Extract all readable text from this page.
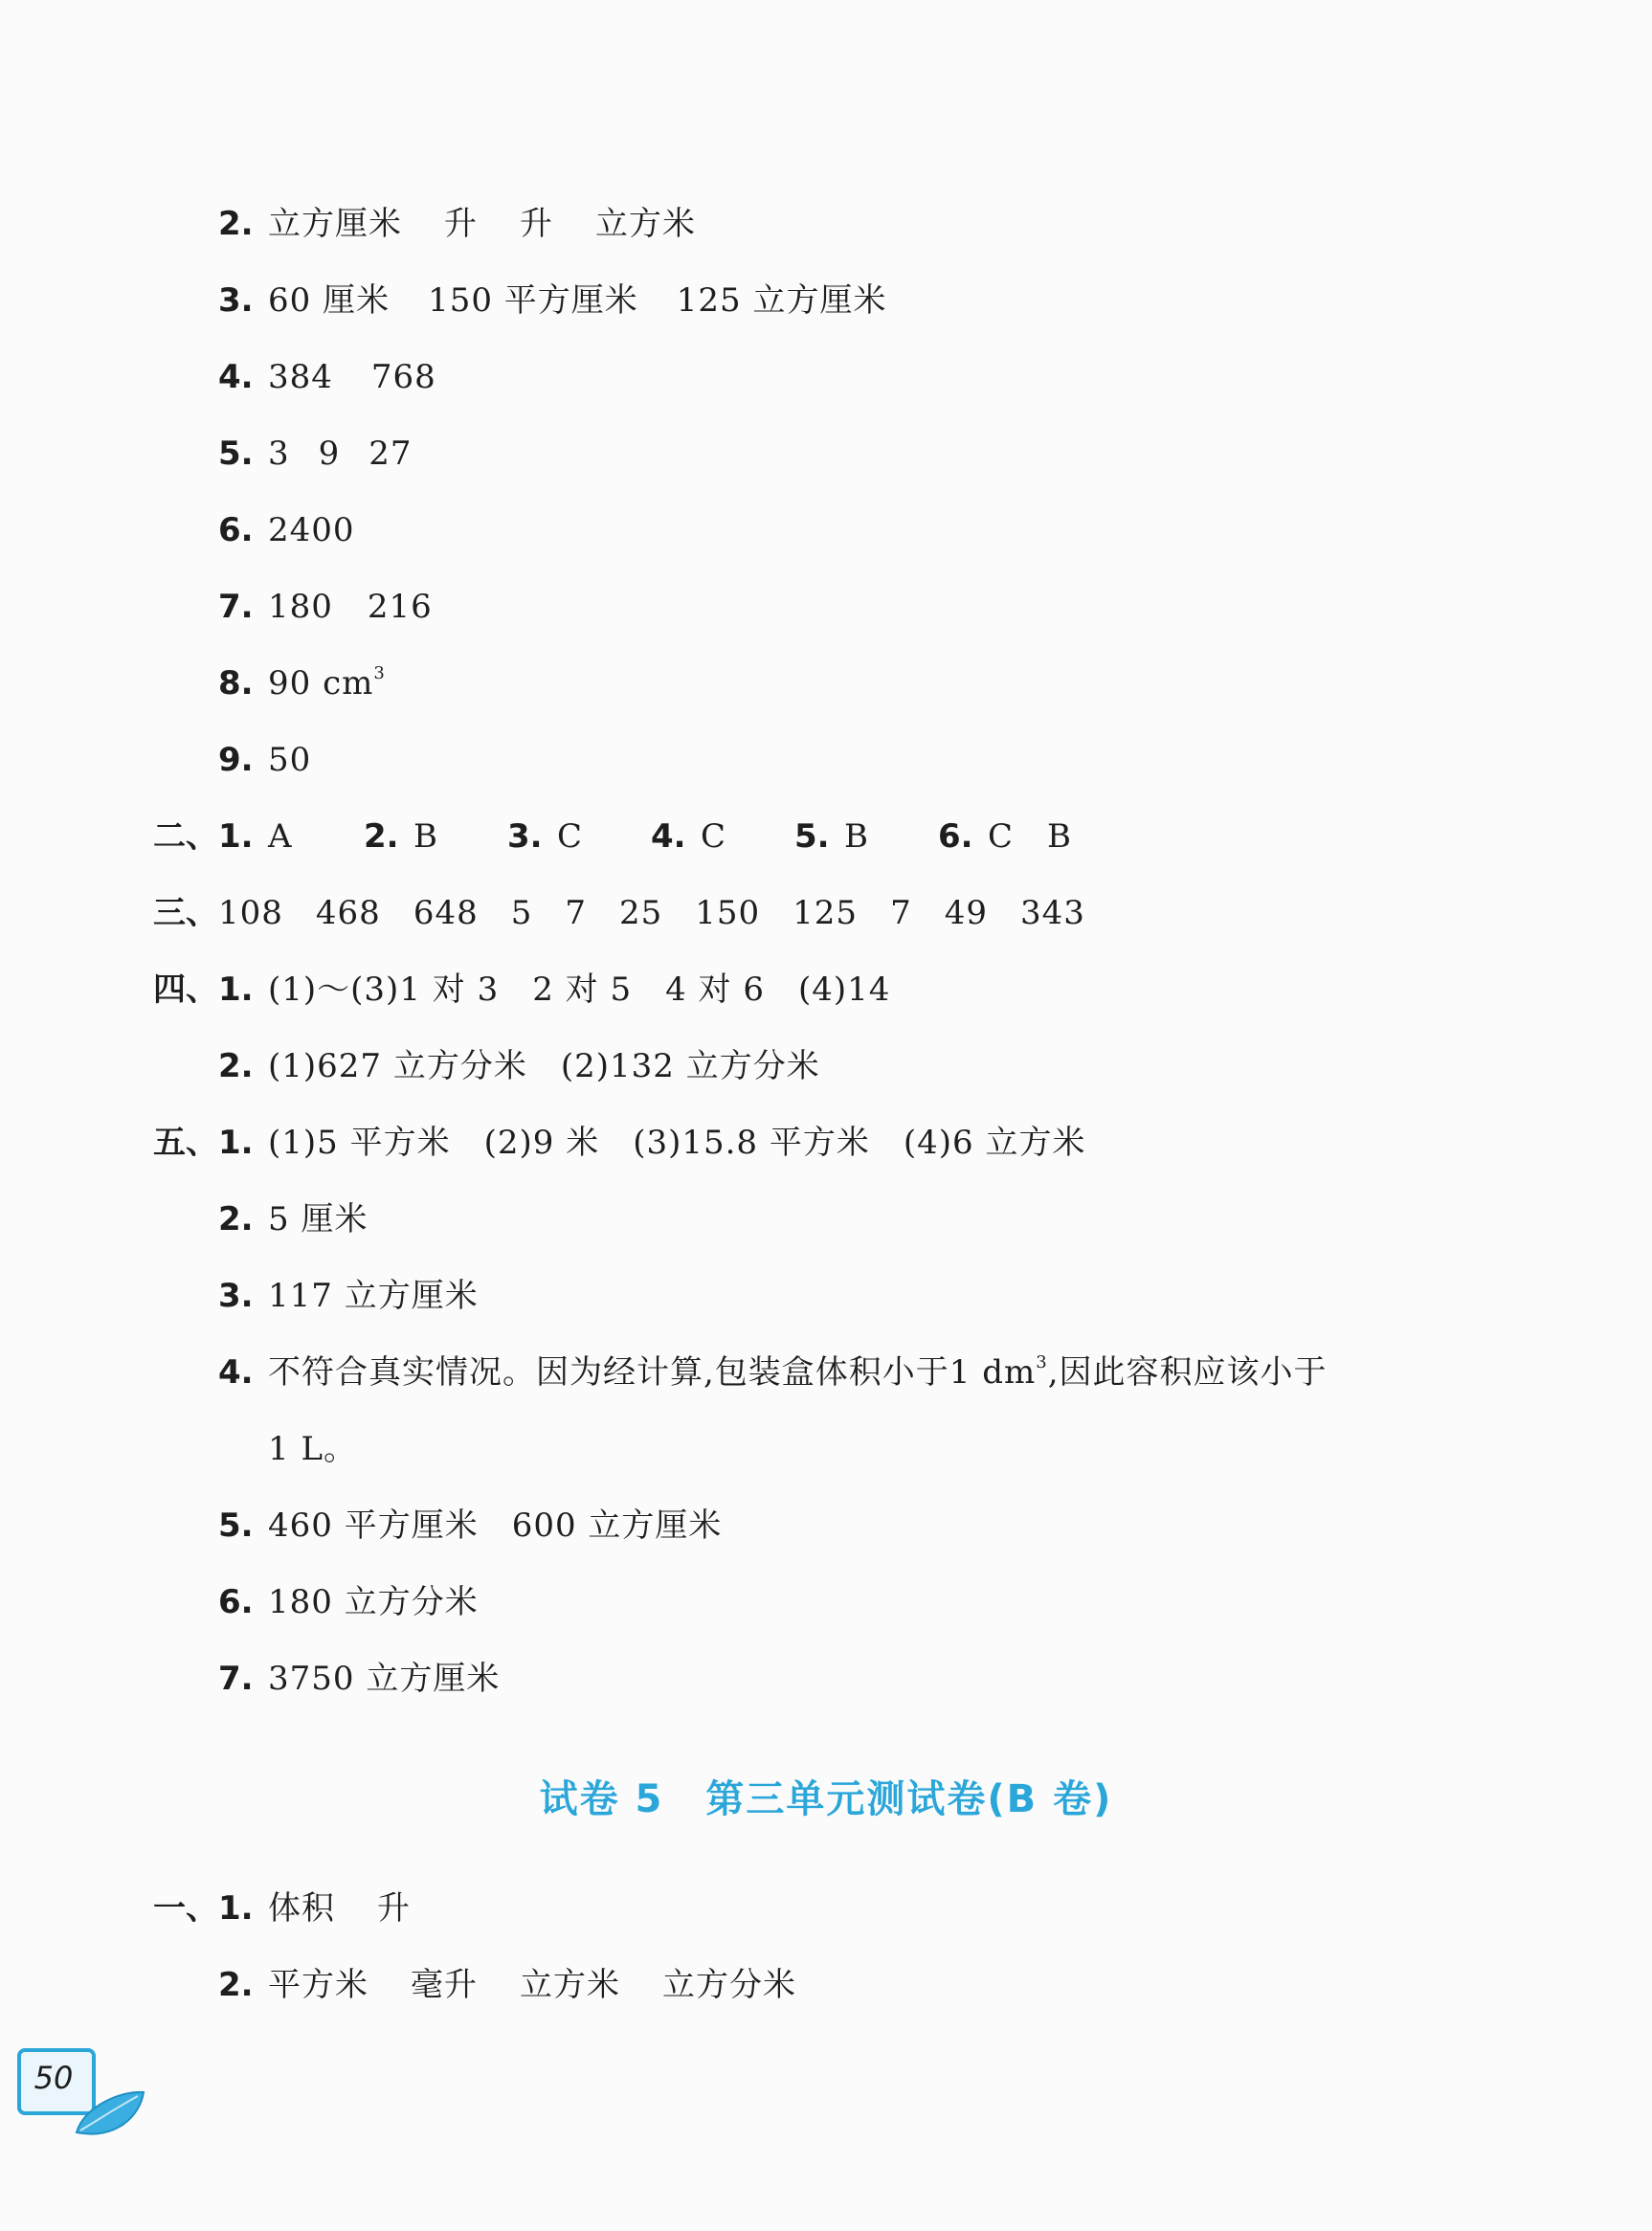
2. 立方厘米 升 升 立方米
3. 60 厘米 150 平方厘米 125 立方厘米
4. 384 768
5. 3 9 27
6. 2400
7. 180 216
8. 90 $cm^3$
9. 50
二、 1. A 2. B 3. C 4. C 5. B 6. C　B
三、 108 468 648 5 7 25 150 125 7 49 343
四、 1. (1)～(3)1 对 3　2 对 5　4 对 6　(4)14
2. (1)627 立方分米　(2)132 立方分米
五、 1. (1)5 平方米　(2)9 米　(3)15.8 平方米　(4)6 立方米
2. 5 厘米
3. 117 立方厘米
4. 不符合真实情况。因为经计算,包装盒体积小于1 $dm^3$,因此容积应该小于
1 L。
5. 460 平方厘米　600 立方厘米
6. 180 立方分米
7. 3750 立方厘米
试卷 5 第三单元测试卷(B 卷)
一、 1. 体积 升
2. 平方米 毫升 立方米 立方分米
50
